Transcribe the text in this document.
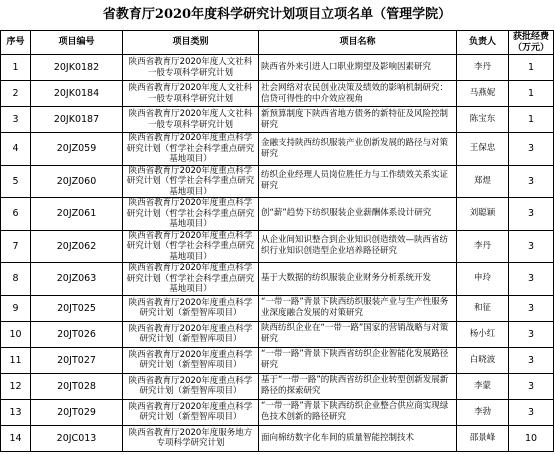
省教育厅2020年度科学研究计划项目立项名单（管理学院）
序号	项目编号	项目类别	项目名称	负责人	获批经费（万元）
1	20JK0182	陕西省教育厅2020年度人文社科一般专项科学研究计划	陕西省外来引进人口职业期望及影响因素研究	李丹	1
2	20JK0184	陕西省教育厅2020年度人文社科一般专项科学研究计划	社会网络对农民创业决策及绩效的影响机制研究：信贷可得性的中介效应视角	马燕妮	1
3	20JK0187	陕西省教育厅2020年度人文社科一般专项科学研究计划	新预算制度下陕西省地方债务的新特征及风险控制研究	陈宝东	1
4	20JZ059	陕西省教育厅2020年度重点科学研究计划（哲学社会科学重点研究基地项目）	金融支持陕西纺织服装产业创新发展的路径与对策研究	王保忠	3
5	20JZ060	陕西省教育厅2020年度重点科学研究计划（哲学社会科学重点研究基地项目）	纺织企业经理人员岗位胜任力与工作绩效关系实证研究	郑煜	3
6	20JZ061	陕西省教育厅2020年度重点科学研究计划（哲学社会科学重点研究基地项目）	创“薪”趋势下纺织服装企业薪酬体系设计研究	刘聪颖	3
7	20JZ062	陕西省教育厅2020年度重点科学研究计划（哲学社会科学重点研究基地项目）	从企业间知识整合到企业知识创造绩效—陕西省纺织行业知识创造型企业培养路径研究	李丹	3
8	20JZ063	陕西省教育厅2020年度重点科学研究计划（哲学社会科学重点研究基地项目）	基于大数据的纺织服装企业财务分析系统开发	申玲	3
9	20JT025	陕西省教育厅2020年度重点科学研究计划（新型智库项目）	“一带一路”背景下陕西纺织服装产业与生产性服务业深度融合发展的对策研究	和征	3
10	20JT026	陕西省教育厅2020年度重点科学研究计划（新型智库项目）	陕西纺织企业在“一带一路”国家的营销战略与对策研究	杨小红	3
11	20JT027	陕西省教育厅2020年度重点科学研究计划（新型智库项目）	“一带一路”背景下陕西省纺织企业智能化发展路径研究	白晓波	3
12	20JT028	陕西省教育厅2020年度重点科学研究计划（新型智库项目）	基于“一带一路”的陕西省纺织企业转型创新发展新路径的探索研究	李蒙	3
13	20JT029	陕西省教育厅2020年度重点科学研究计划（新型智库项目）	“一带一路”背景下陕西纺织企业整合供应商实现绿色技术创新的路径研究	李勃	3
14	20JC013	陕西省教育厅2020年度服务地方专项科学研究计划	面向棉纺数字化车间的质量智能控制技术	邵景峰	10
